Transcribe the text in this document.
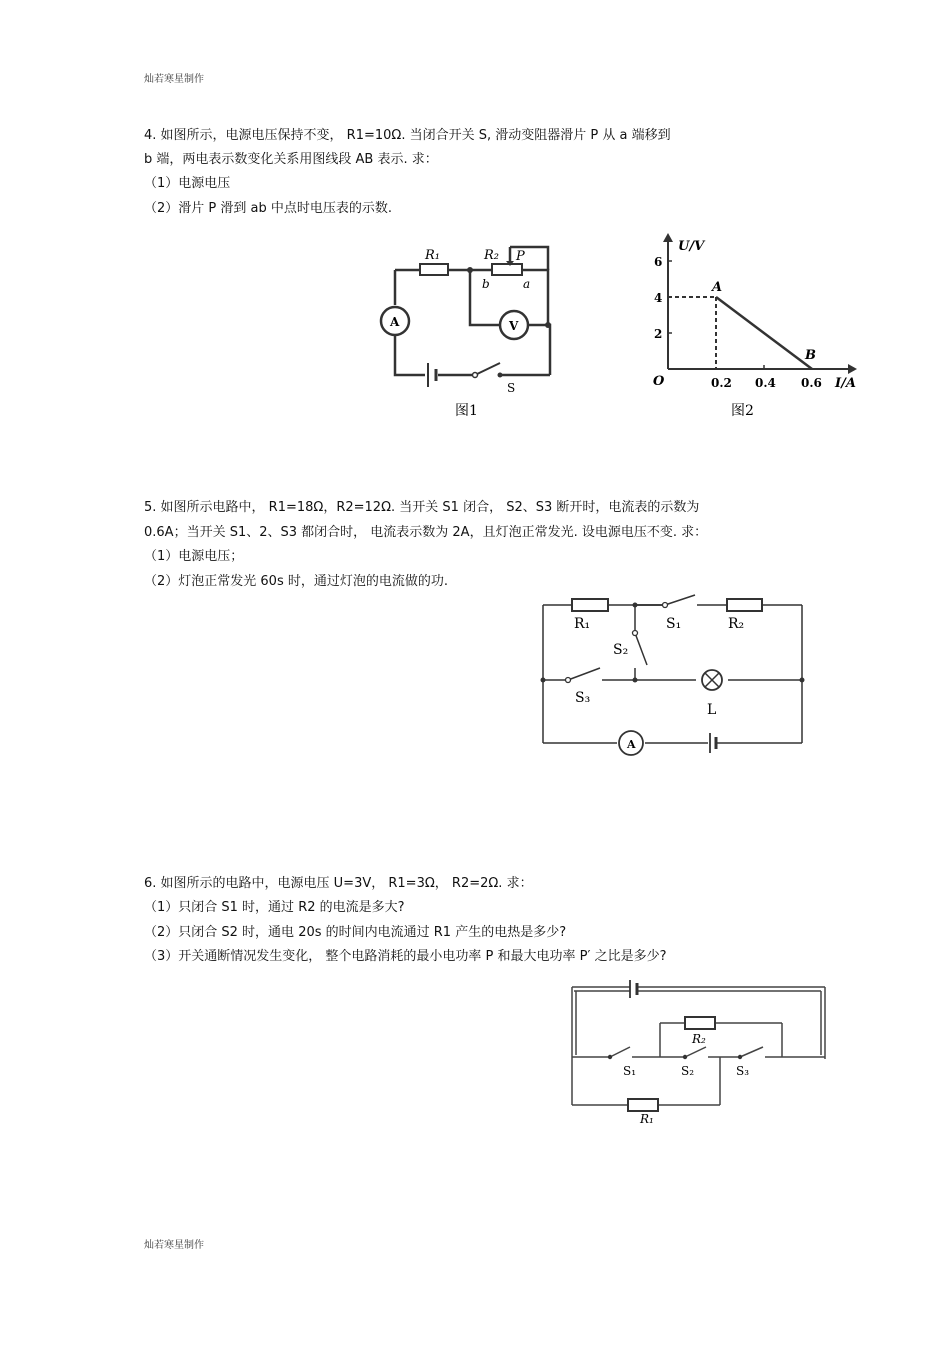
灿若寒星制作
4. 如图所示，电源电压保持不变， R1=10Ω. 当闭合开关 S, 滑动变阻器滑片 P 从 a 端移到
b 端，两电表示数变化关系用图线段 AB 表示. 求：
（1）电源电压
（2）滑片 P 滑到 ab 中点时电压表的示数.
R₁	R₂ P
b	a
A	V
S
图1
U/V
I/A
O	0.2 0.4 0.6
2
4
6
A
B
图2
5. 如图所示电路中， R1=18Ω，R2=12Ω. 当开关 S1 闭合， S2、S3 断开时，电流表的示数为
0.6A；当开关 S1、2、S3 都闭合时， 电流表示数为 2A，且灯泡正常发光. 设电源电压不变. 求：
（1）电源电压；
（2）灯泡正常发光 60s 时，通过灯泡的电流做的功.
R₁	S₁	R₂
S₂
S₃
L
A
6. 如图所示的电路中，电源电压 U=3V， R1=3Ω， R2=2Ω. 求：
（1）只闭合 S1 时，通过 R2 的电流是多大?
（2）只闭合 S2 时，通电 20s 的时间内电流通过 R1 产生的电热是多少?
（3）开关通断情况发生变化， 整个电路消耗的最小电功率 P 和最大电功率 P′ 之比是多少?
R₂
S₁	S₂	S₃
R₁
灿若寒星制作
